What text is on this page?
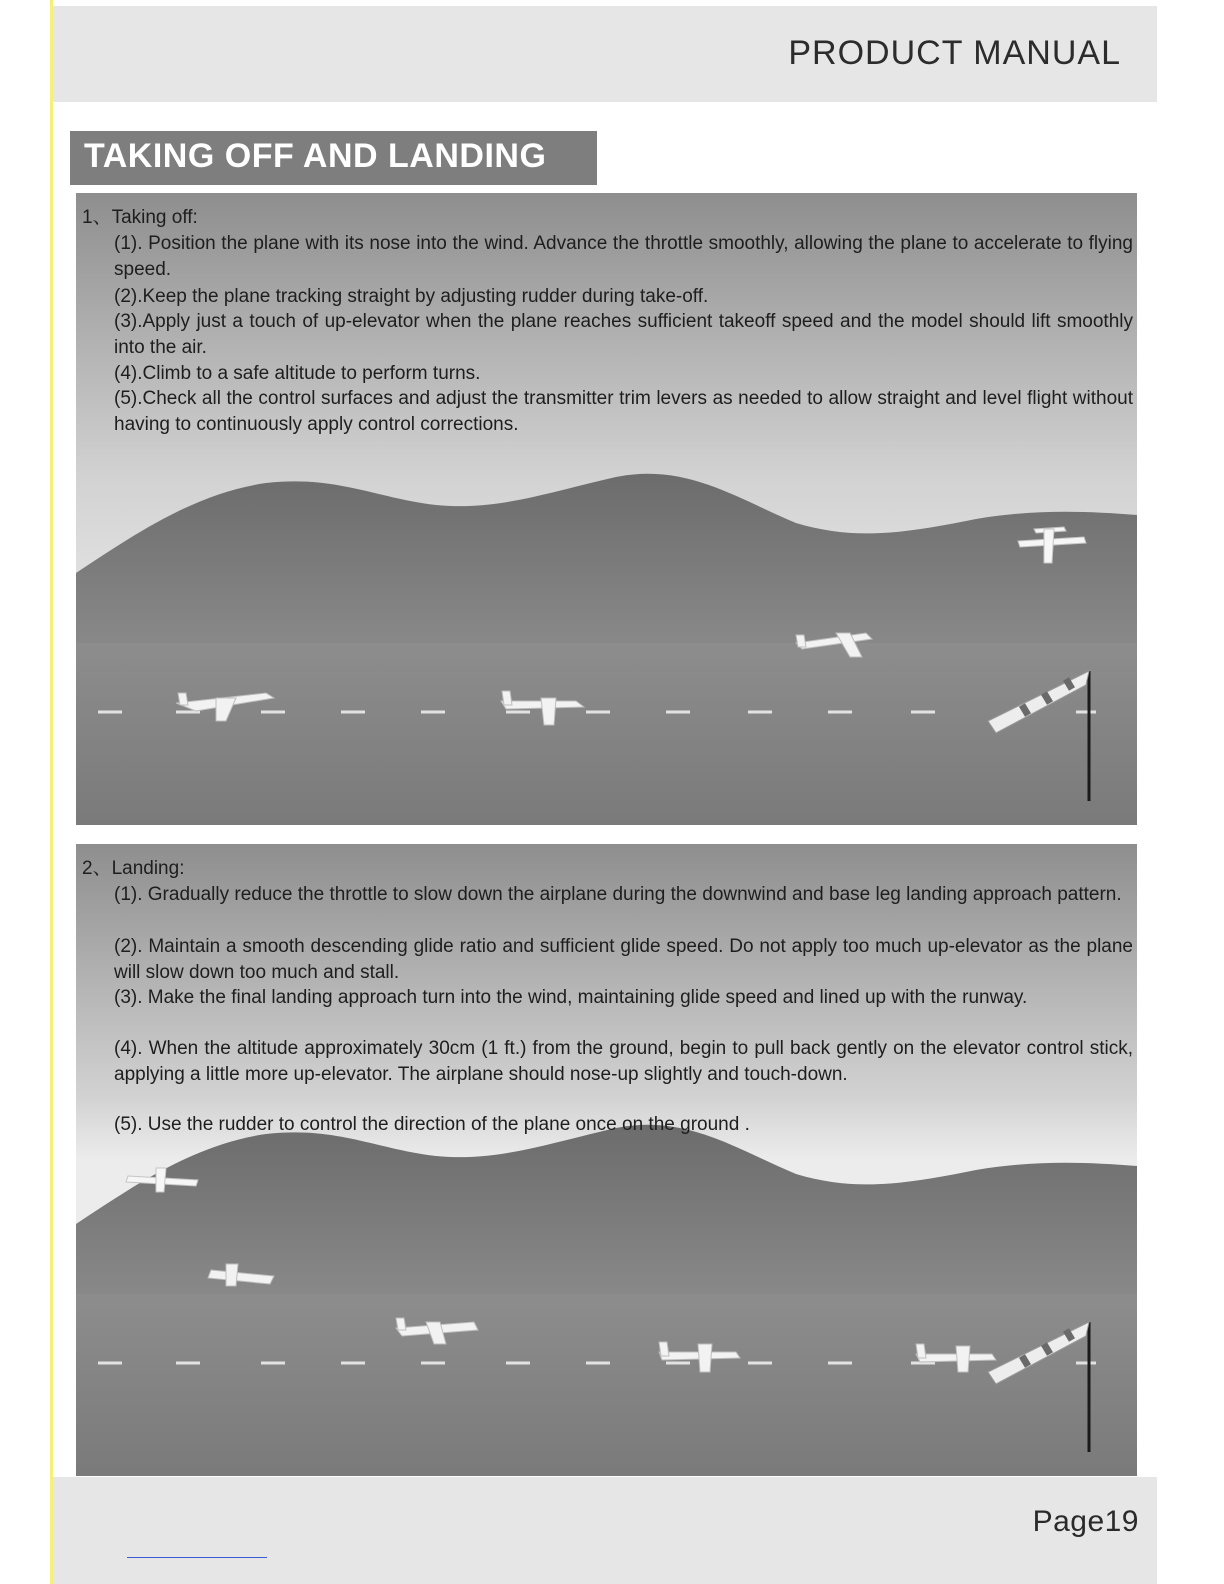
PRODUCT MANUAL
TAKING OFF AND LANDING
1、Taking off:
(1). Position the plane with its nose into the wind. Advance the throttle smoothly, allowing the plane to accelerate to flying speed.
(2).Keep the plane tracking straight by adjusting rudder during take-off.
(3).Apply just a touch of up-elevator when the plane reaches sufficient takeoff speed and the model should lift smoothly into the air.
(4).Climb to a safe altitude to perform turns.
(5).Check all the control surfaces and adjust the transmitter trim levers as needed to allow straight and level flight without having to continuously apply control corrections.
2、Landing:
(1). Gradually reduce the throttle to slow down the airplane during the downwind and base leg landing approach pattern.
(2). Maintain a smooth descending glide ratio and sufficient glide speed. Do not apply too much up-elevator as the plane will slow down too much and stall.
(3). Make the final landing approach turn into the wind, maintaining glide speed and lined up with the runway.
(4). When the altitude approximately 30cm (1 ft.) from the ground, begin to pull back gently on the elevator control stick, applying a little more up-elevator. The airplane should nose-up slightly and touch-down.
(5). Use the rudder to control the direction of the plane once on the ground .
Page19
